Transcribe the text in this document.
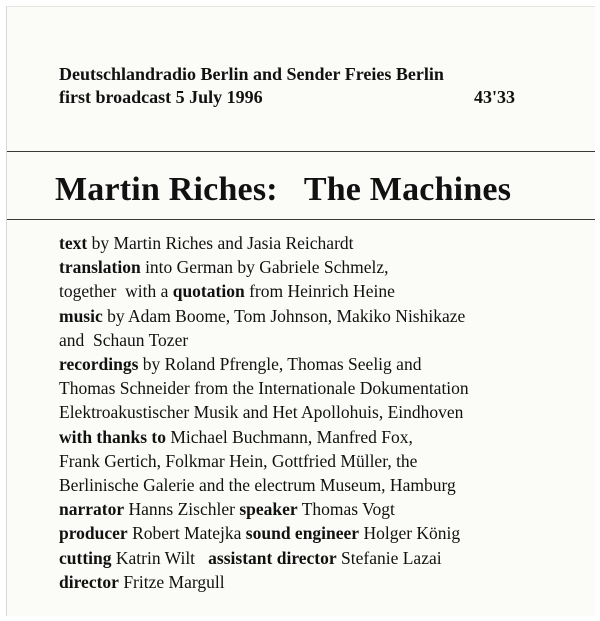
Deutschlandradio Berlin and Sender Freies Berlin
first broadcast 5 July 1996	43'33
Martin Riches: The Machines
text by Martin Riches and Jasia Reichardt
translation into German by Gabriele Schmelz,
together  with a quotation from Heinrich Heine
music by Adam Boome, Tom Johnson, Makiko Nishikaze
and  Schaun Tozer
recordings by Roland Pfrengle, Thomas Seelig and
Thomas Schneider from the Internationale Dokumentation
Elektroakustischer Musik and Het Apollohuis, Eindhoven
with thanks to Michael Buchmann, Manfred Fox,
Frank Gertich, Folkmar Hein, Gottfried Müller, the
Berlinische Galerie and the electrum Museum, Hamburg
narrator Hanns Zischler speaker Thomas Vogt
producer Robert Matejka sound engineer Holger König
cutting Katrin Wilt   assistant director Stefanie Lazai
director Fritze Margull
